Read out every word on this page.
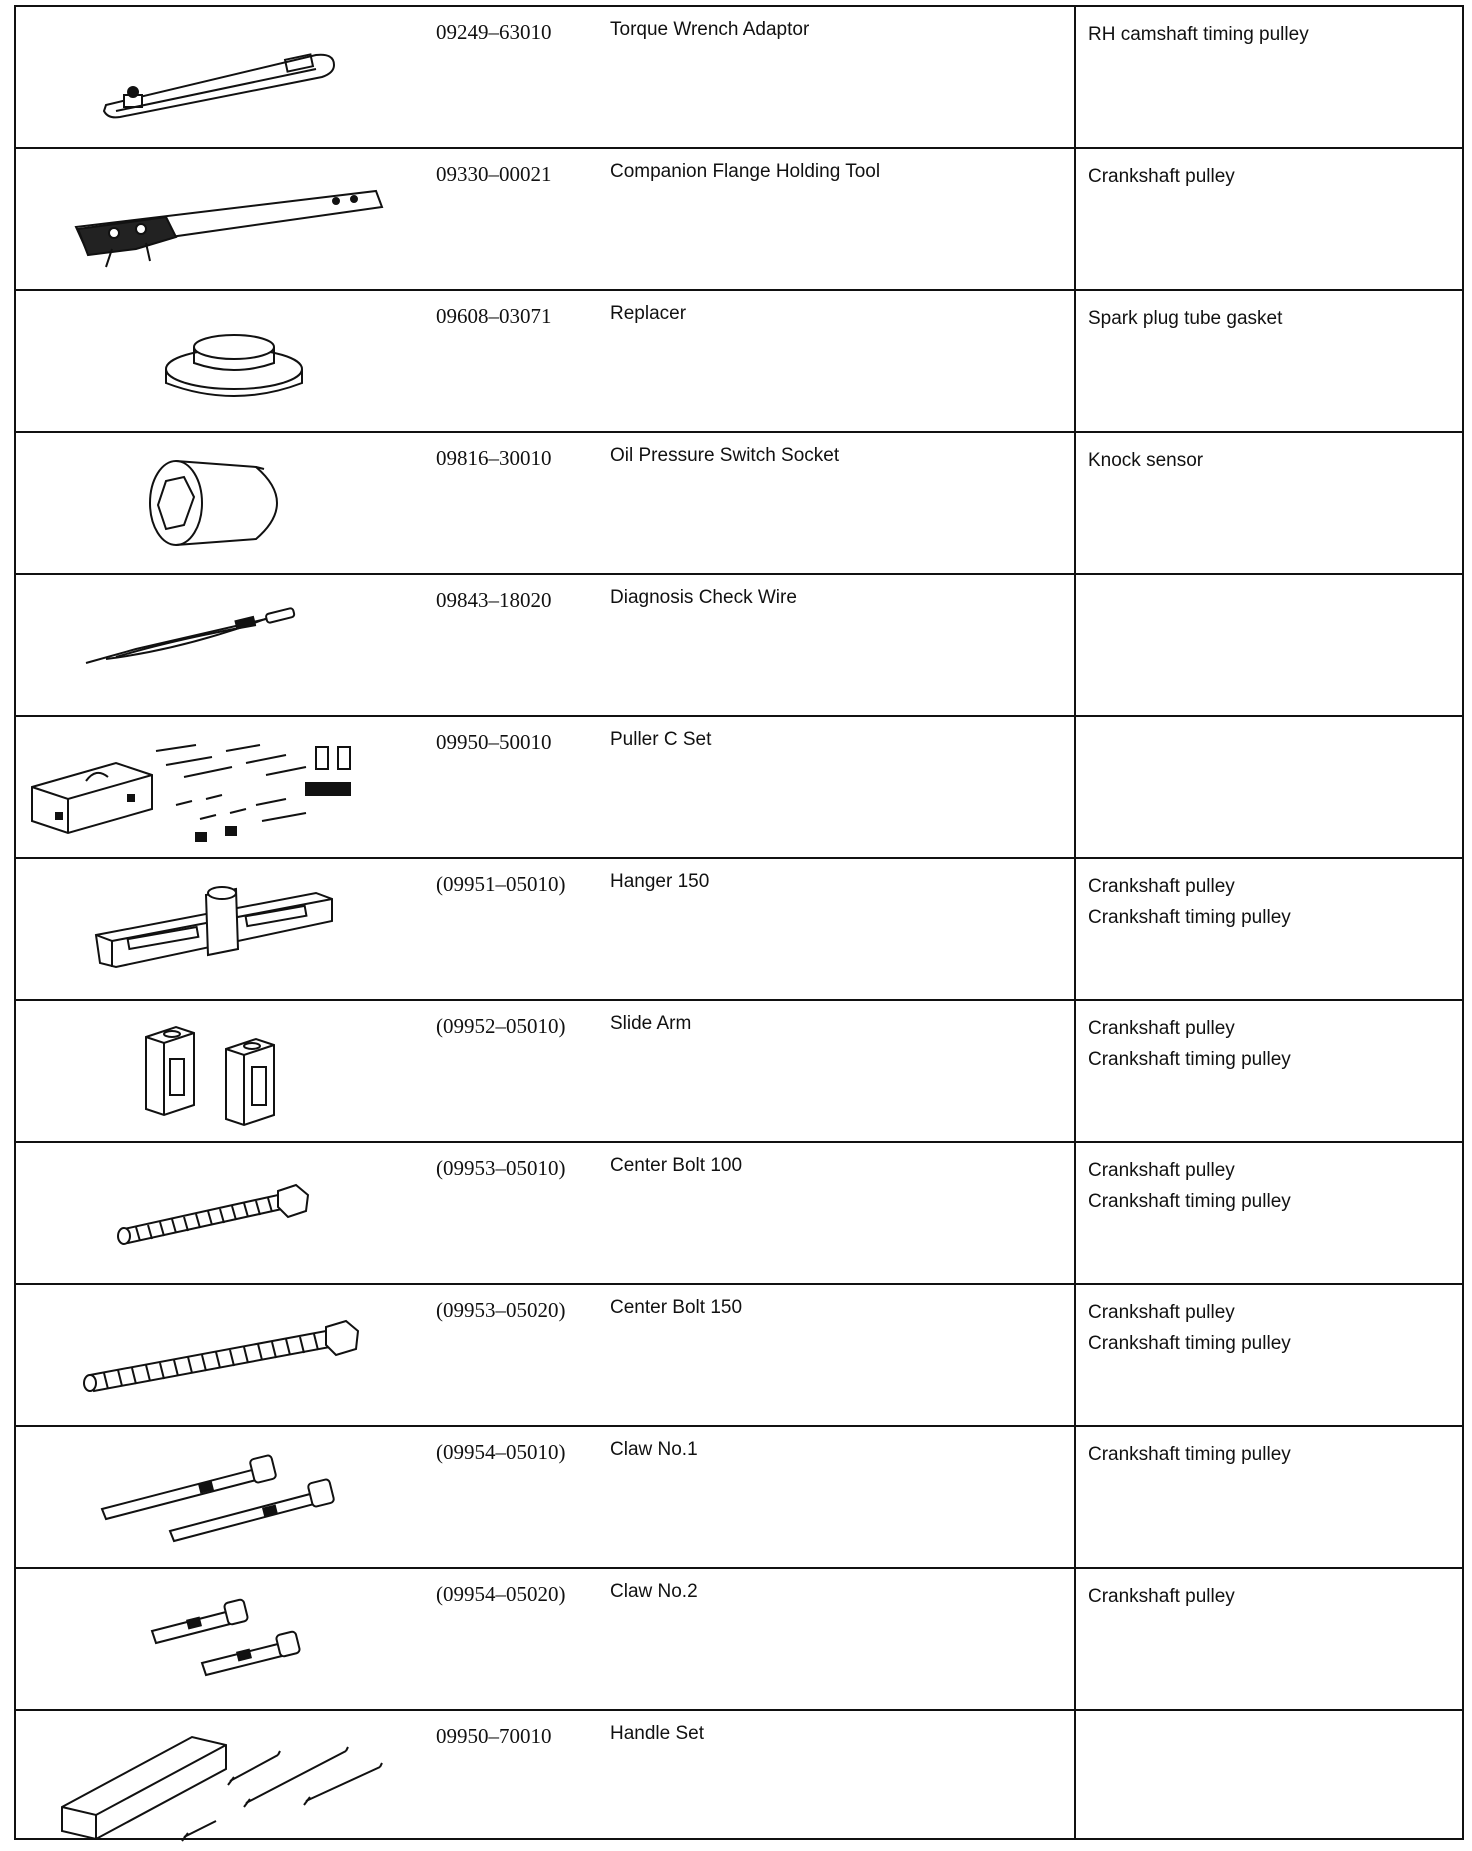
09249–63010	Torque Wrench Adaptor	RH camshaft timing pulley
09330–00021	Companion Flange Holding Tool	Crankshaft pulley
09608–03071	Replacer	Spark plug tube gasket
09816–30010	Oil Pressure Switch Socket	Knock sensor
09843–18020	Diagnosis Check Wire
09950–50010	Puller C Set
(09951–05010)	Hanger 150	Crankshaft pulley
Crankshaft timing pulley
(09952–05010)	Slide Arm	Crankshaft pulley
Crankshaft timing pulley
(09953–05010)	Center Bolt 100	Crankshaft pulley
Crankshaft timing pulley
(09953–05020)	Center Bolt 150	Crankshaft pulley
Crankshaft timing pulley
(09954–05010)	Claw No.1	Crankshaft timing pulley
(09954–05020)	Claw No.2	Crankshaft pulley
09950–70010	Handle Set
